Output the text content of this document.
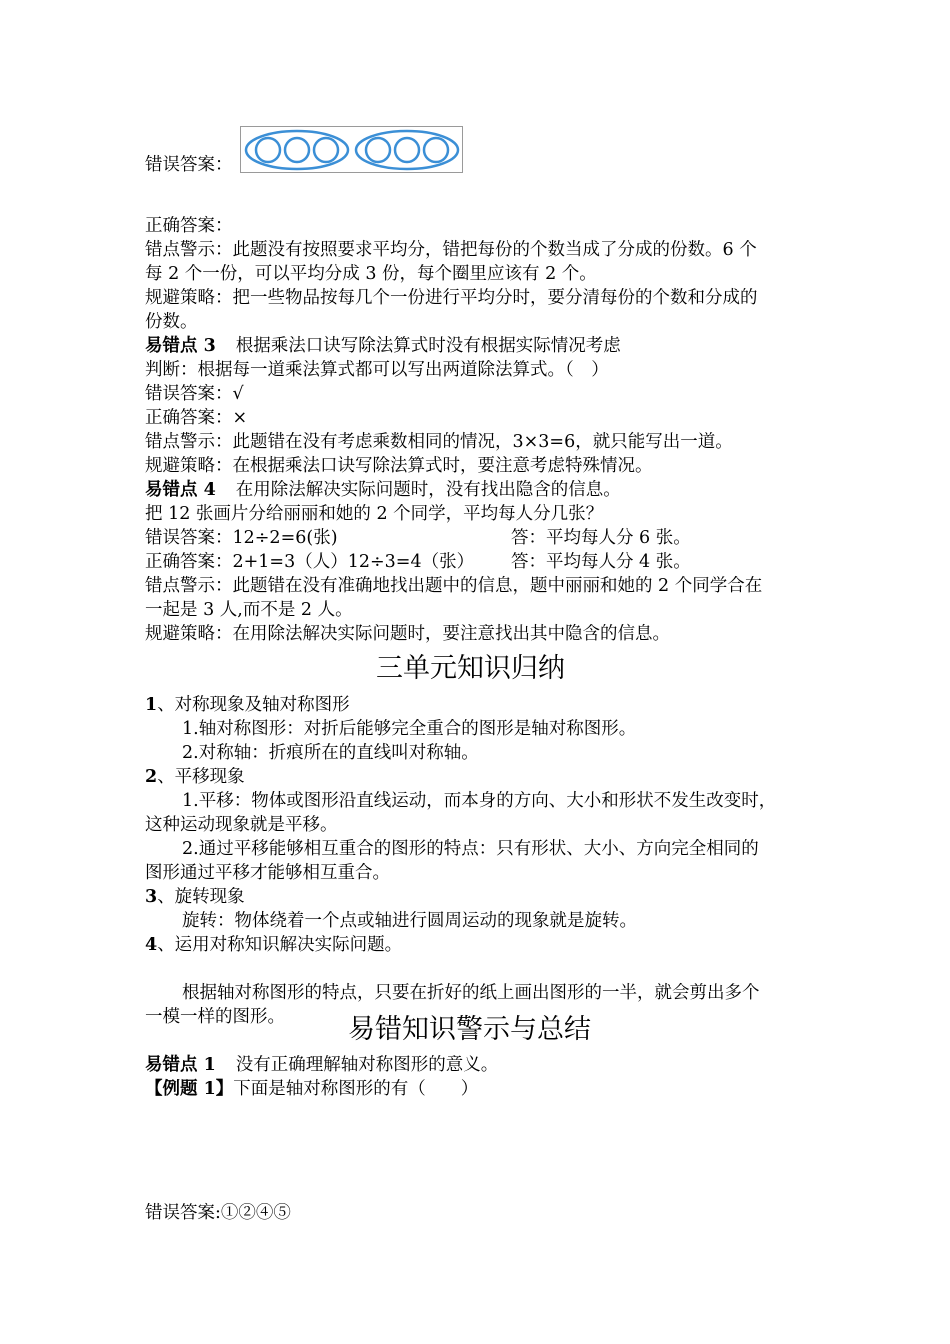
错误答案：

正确答案：

错点警示：此题没有按照要求平均分，错把每份的个数当成了分成的份数。6 个

每 2 个一份，可以平均分成 3 份，每个圈里应该有 2 个。

规避策略：把一些物品按每几个一份进行平均分时，要分清每份的个数和分成的

份数。

易错点 3 根据乘法口诀写除法算式时没有根据实际情况考虑

判断：根据每一道乘法算式都可以写出两道除法算式。（　）

错误答案：√

正确答案：×

错点警示：此题错在没有考虑乘数相同的情况，3×3=6，就只能写出一道。

规避策略：在根据乘法口诀写除法算式时，要注意考虑特殊情况。

易错点 4 在用除法解决实际问题时，没有找出隐含的信息。

把 12 张画片分给丽丽和她的 2 个同学，平均每人分几张？

错误答案：12÷2=6(张)	答：平均每人分 6 张。

正确答案：2+1=3（人）12÷3=4（张） 答：平均每人分 4 张。

错点警示：此题错在没有准确地找出题中的信息，题中丽丽和她的 2 个同学合在

一起是 3 人,而不是 2 人。

规避策略：在用除法解决实际问题时，要注意找出其中隐含的信息。

三单元知识归纳

1、对称现象及轴对称图形

1.轴对称图形：对折后能够完全重合的图形是轴对称图形。

2.对称轴：折痕所在的直线叫对称轴。

2、平移现象

1.平移：物体或图形沿直线运动，而本身的方向、大小和形状不发生改变时，

这种运动现象就是平移。

2.通过平移能够相互重合的图形的特点：只有形状、大小、方向完全相同的

图形通过平移才能够相互重合。

3、旋转现象

旋转：物体绕着一个点或轴进行圆周运动的现象就是旋转。

4、运用对称知识解决实际问题。

根据轴对称图形的特点，只要在折好的纸上画出图形的一半，就会剪出多个

一模一样的图形。 易错知识警示与总结

易错点 1 没有正确理解轴对称图形的意义。

【例题 1】下面是轴对称图形的有（　　）

错误答案:①②④⑤
